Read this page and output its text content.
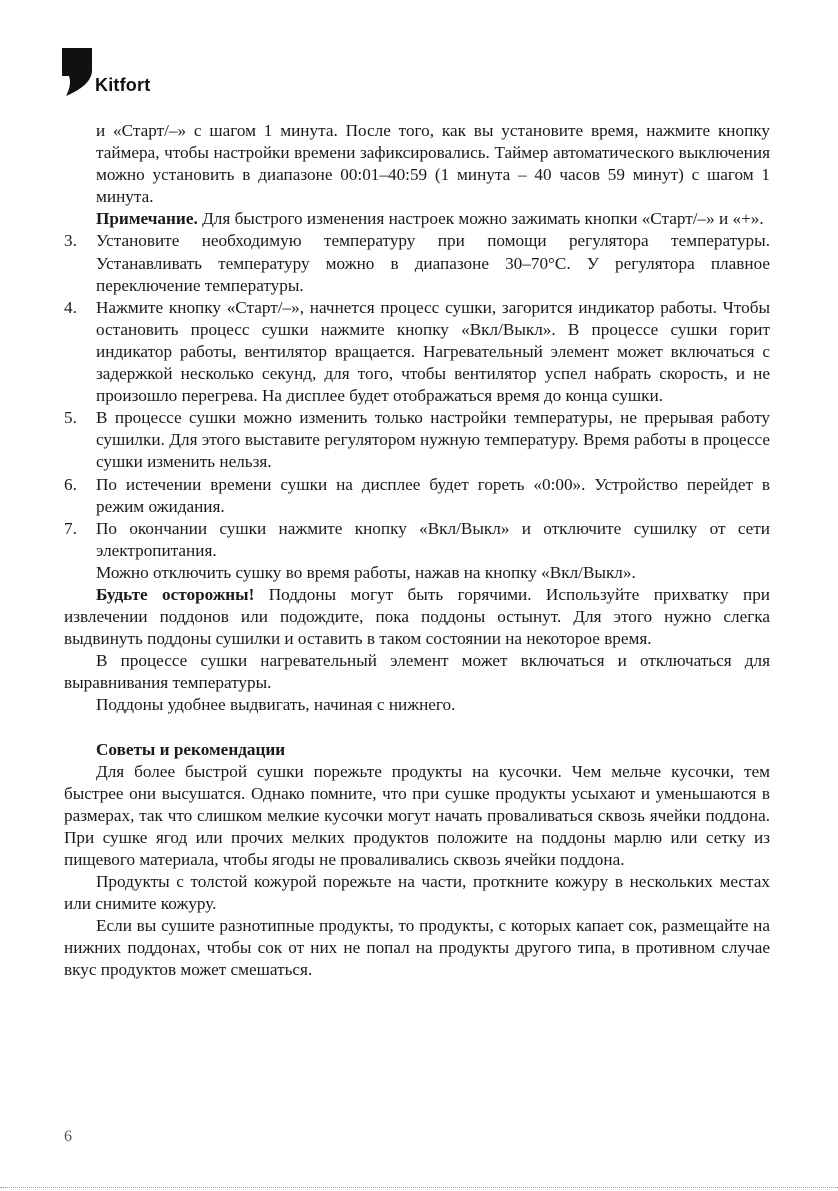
Kitfort

и «Старт/–» с шагом 1 минута. После того, как вы установите время, нажмите кнопку таймера, чтобы настройки времени зафиксировались. Таймер автоматического выключения можно установить в диапазоне 00:01–40:59 (1 минута – 40 часов 59 минут) с шагом 1 минута.

Примечание. Для быстрого изменения настроек можно зажимать кнопки «Старт/–» и «+».

3. Установите необходимую температуру при помощи регулятора температуры. Устанавливать температуру можно в диапазоне 30–70°C. У регулятора плавное переключение температуры.

4. Нажмите кнопку «Старт/–», начнется процесс сушки, загорится индикатор работы. Чтобы остановить процесс сушки нажмите кнопку «Вкл/Выкл». В процессе сушки горит индикатор работы, вентилятор вращается. Нагревательный элемент может включаться с задержкой несколько секунд, для того, чтобы вентилятор успел набрать скорость, и не произошло перегрева. На дисплее будет отображаться время до конца сушки.

5. В процессе сушки можно изменить только настройки температуры, не прерывая работу сушилки. Для этого выставите регулятором нужную температуру. Время работы в процессе сушки изменить нельзя.

6. По истечении времени сушки на дисплее будет гореть «0:00». Устройство перейдет в режим ожидания.

7. По окончании сушки нажмите кнопку «Вкл/Выкл» и отключите сушилку от сети электропитания.

Можно отключить сушку во время работы, нажав на кнопку «Вкл/Выкл».

Будьте осторожны! Поддоны могут быть горячими. Используйте прихватку при извлечении поддонов или подождите, пока поддоны остынут. Для этого нужно слегка выдвинуть поддоны сушилки и оставить в таком состоянии на некоторое время.

В процессе сушки нагревательный элемент может включаться и отключаться для выравнивания температуры.

Поддоны удобнее выдвигать, начиная с нижнего.

Советы и рекомендации

Для более быстрой сушки порежьте продукты на кусочки. Чем мельче кусочки, тем быстрее они высушатся. Однако помните, что при сушке продукты усыхают и уменьшаются в размерах, так что слишком мелкие кусочки могут начать проваливаться сквозь ячейки поддона. При сушке ягод или прочих мелких продуктов положите на поддоны марлю или сетку из пищевого материала, чтобы ягоды не проваливались сквозь ячейки поддона.

Продукты с толстой кожурой порежьте на части, проткните кожуру в нескольких местах или снимите кожуру.

Если вы сушите разнотипные продукты, то продукты, с которых капает сок, размещайте на нижних поддонах, чтобы сок от них не попал на продукты другого типа, в противном случае вкус продуктов может смешаться.

6
